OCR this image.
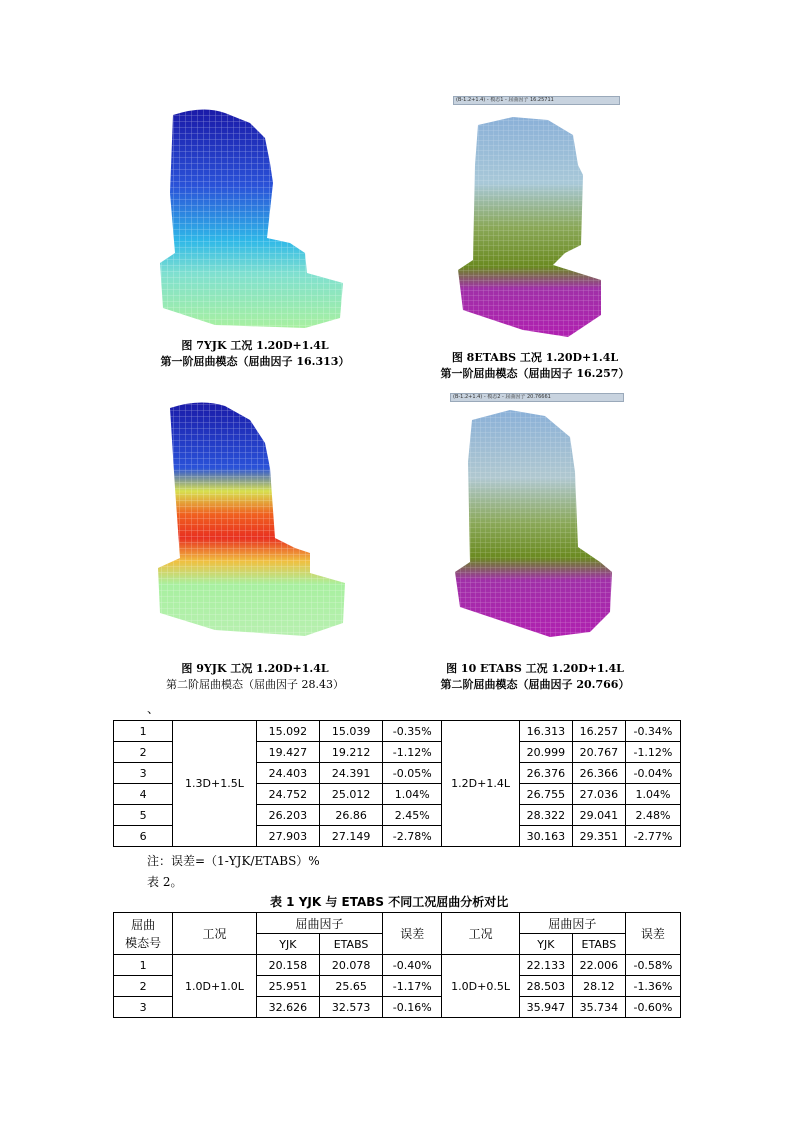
图 7YJK 工况 1.20D+1.4L
第一阶屈曲模态（屈曲因子 16.313）
(B-1.2+1.4) - 模态1 - 屈曲因子 16.25711
图 8ETABS 工况 1.20D+1.4L
第一阶屈曲模态（屈曲因子 16.257）
图 9YJK 工况 1.20D+1.4L
第二阶屈曲模态（屈曲因子 28.43）
(B-1.2+1.4) - 模态2 - 屈曲因子 20.76661
图 10 ETABS 工况 1.20D+1.4L
第二阶屈曲模态（屈曲因子 20.766）
、
1	1.3D+1.5L	15.092	15.039	-0.35%	1.2D+1.4L	16.313	16.257	-0.34%
2		19.427	19.212	-1.12%		20.999	20.767	-1.12%
3		24.403	24.391	-0.05%		26.376	26.366	-0.04%
4		24.752	25.012	1.04%		26.755	27.036	1.04%
5		26.203	26.86	2.45%		28.322	29.041	2.48%
6		27.903	27.149	-2.78%		30.163	29.351	-2.77%
注：误差=（1-YJK/ETABS）%
表 2。
表 1 YJK 与 ETABS 不同工况屈曲分析对比
屈曲
模态号	工况	屈曲因子		误差	工况	屈曲因子		误差
		YJK	ETABS			YJK	ETABS	
1	1.0D+1.0L	20.158	20.078	-0.40%	1.0D+0.5L	22.133	22.006	-0.58%
2		25.951	25.65	-1.17%		28.503	28.12	-1.36%
3		32.626	32.573	-0.16%		35.947	35.734	-0.60%
